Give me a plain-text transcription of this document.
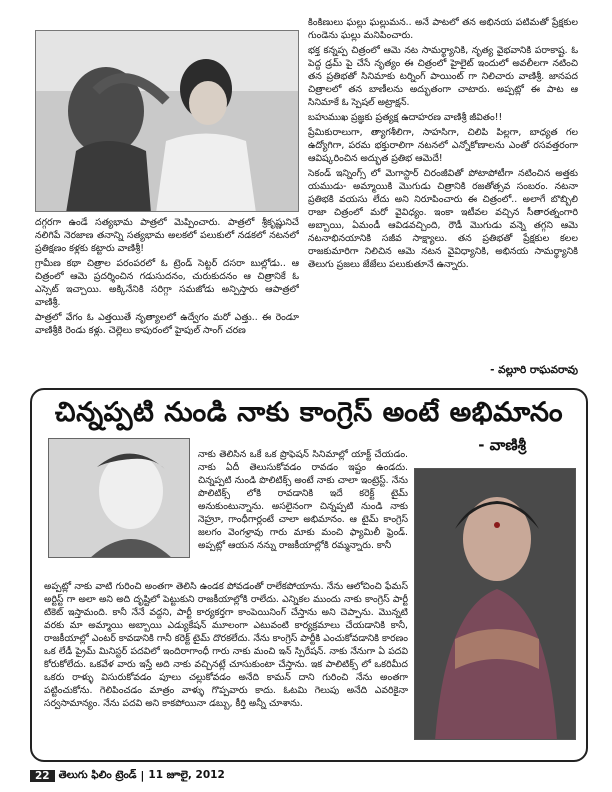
దగ్గరగా ఉండే సత్యభామ పాత్రలో మెప్పించారు. పాత్రలో శ్రీకృష్ణునిచే నలిగిపే నెరజాణ తనాన్ని సత్యభామ అలకలో పలుకులో నడకలో నటనలో ప్రతిక్షణం కళ్లకు కట్టారు వాణిశ్రీ!

గ్రామీణ కథా చిత్రాల పరంపరలో ఓ ట్రెండ్ సెట్టర్ దసరా బుల్లోడు.. ఆ చిత్రంలో ఆమె ప్రదర్శించిన గడుసుదనం, చురుకుదనం ఆ చిత్రానికే ఓ ఎస్సెట్ ఇచ్చాయి. అక్కినేనికి సరిగ్గా సమజోడు అన్పిస్తారు ఆపాత్రలో వాణిశ్రీ.

పాత్రలో వేగం ఓ ఎత్తయితే నృత్యాలలో ఉద్వేగం మరో ఎత్తు.. ఈ రెండూ వాణిశ్రీకి రెండు కళ్లు. చెల్లెలు కాపురంలో హైపుల్ సాంగ్ చరణ

కింకిణులు ఘల్లు ఘల్లుమన.. అనే పాటలో తన అభినయ పటిమతో ప్రేక్షకుల గుండెను ఘల్లు మనిపించారు.

భక్త కన్నప్ప చిత్రంలో ఆమె నట సామర్థ్యానికి, నృత్య వైభవానికి పరాకాష్ట. ఓ పెద్ద డ్రమ్ పై చేసే నృత్యం ఈ చిత్రంలో హైలైట్ ఇందులో అవలీలగా నటించి తన ప్రతిభతో సినిమాకు టర్నింగ్ పాయింట్ గా నిలిచారు వాణిశ్రీ. జానపద చిత్రాలలో తన బాణీలను అద్భుతంగా చాటారు. అప్పట్లో ఈ పాట ఆ సినిమాకే ఓ స్పెషల్ అట్రాక్షన్.

బహుముఖ ప్రజ్ఞకు ప్రత్యక్ష ఉదాహరణ వాణిశ్రీ జీవితం!!

ప్రేమికురాలుగా, త్యాగశీలిగా, సాహసిగా, చిలిపి పిల్లగా, బాధ్యత గల ఉద్యోగిగా, పరమ భక్తురాలిగా నటనలో ఎన్నోకోణాలను ఎంతో రసవత్తరంగా ఆవిష్కరించిన అద్భుత ప్రతిభ ఆమెదే!

సెకండ్ ఇన్నింగ్స్ లో మెగాస్టార్ చిరంజీవితో పోటాపోటీగా నటించిన అత్తకు యముడు- అమ్మాయికి మొగుడు చిత్రానికి రజతోత్సవ సంబరం. నటనా ప్రతిభకి వయసు లేదు అని నిరూపించారు ఈ చిత్రంలో.. అలాగే బొబ్బిలి రాజా చిత్రంలో మరో వైవిధ్యం. ఇంకా ఇటీవల వచ్చిన సీతారత్నంగారి అబ్బాయి, ఏమండీ ఆవిడవచ్చింది, రౌడీ మొగుడు వన్నె తగ్గని ఆమె నటనాభినయానికి సజీవ సాక్ష్యాలు. తన ప్రతిభతో ప్రేక్షకుల కలల రాజకుమారిగా నిలిచిన ఆమె నటన వైవిధ్యానికి, అభినయ సామర్థ్యానికి తెలుగు ప్రజలు జేజేలు పలుకుతూనే ఉన్నారు.

- వల్లూరి రాఘవరావు
చిన్నప్పటి నుండి నాకు కాంగ్రెస్ అంటే అభిమానం
- వాణిశ్రీ

నాకు తెలిసిన ఒకే ఒక ప్రొఫెషన్ సినిమాల్లో యాక్ట్ చేయడం. నాకు ఏదీ తెలుసుకోవడం రావడం ఇష్టం ఉండదు. చిన్నప్పటి నుండి పొలిటిక్స్ అంటే నాకు చాలా ఇంట్రెస్ట్. నేను పొలిటిక్స్ లోకి రావడానికి ఇదే కరెక్ట్ టైమ్ అనుకుంటున్నాను. అసలైనంగా చిన్నప్పటి నుండి నాకు నెహ్రూ, గాంధీగార్లంటే చాలా అభిమానం. ఆ టైమ్ కాంగ్రెస్ జలగం వెంగళ్రావు గారు మాకు మంచి ఫ్యామిలీ ఫ్రెండ్. అప్పట్లో ఆయన నన్ను రాజకీయాల్లోకి రమ్మన్నారు. కానీ

అప్పట్లో నాకు వాటి గురించి అంతగా తెలిసి ఉండక పోవడంతో రాలేకపోయాను. నేను ఆలోచించి ఫేమస్ అర్టిస్ట్ గా అలా అని అది దృష్టిలో పెట్టుకుని రాజకీయాల్లోకి రాలేదు. ఎన్నికల ముందు నాకు కాంగ్రెస్ పార్టీ టికెట్ ఇస్తామంది. కానీ నేనే వద్దని, పార్టీ కార్యకర్తగా కాంపెయినింగ్ చేస్తాను అని చెప్పాను. మొన్నటి వరకు మా అమ్మాయి అబ్బాయి ఎడ్యుకేషన్ మూలంగా ఎటువంటి కార్యక్రమాలు చేయడానికి కానీ, రాజకీయాల్లో ఎంటర్ కావడానికి గానీ కరెక్ట్ టైమ్ దొరకలేదు. నేను కాంగ్రెస్ పార్టీకి ఎంచుకోవడానికి కారణం ఒక లేడీ ప్రైమ్ మినిస్టర్ పదవిలో ఇందిరాగాంధీ గారు నాకు మంచి ఇన్ స్పిరేషన్. నాకు నేనుగా ఏ పదవి కోరుకోలేదు. ఒకవేళ వారు ఇస్తే అది నాకు వచ్చినట్లే చూసుకుంటా చేస్తాను. ఇక పాలిటిక్స్ లో ఒకరిమీద ఒకరు రాళ్ళు విసురుకోవడం పూలు చల్లుకోవడం అనేది కామన్ దాని గురించి నేను అంతగా పట్టించుకోను. గెలిపించడం మాత్రం వాళ్ళు గొప్పవారు కాదు. ఓటమి గెలుపు అనేది ఎవరికైనా సర్వసామాన్యం. నేను పదవి అని కాకపోయినా డబ్బు, కీర్తి అన్నీ చూశాను.

22 తెలుగు ఫిలిం ట్రెండ్ | 11 జూలై, 2012
